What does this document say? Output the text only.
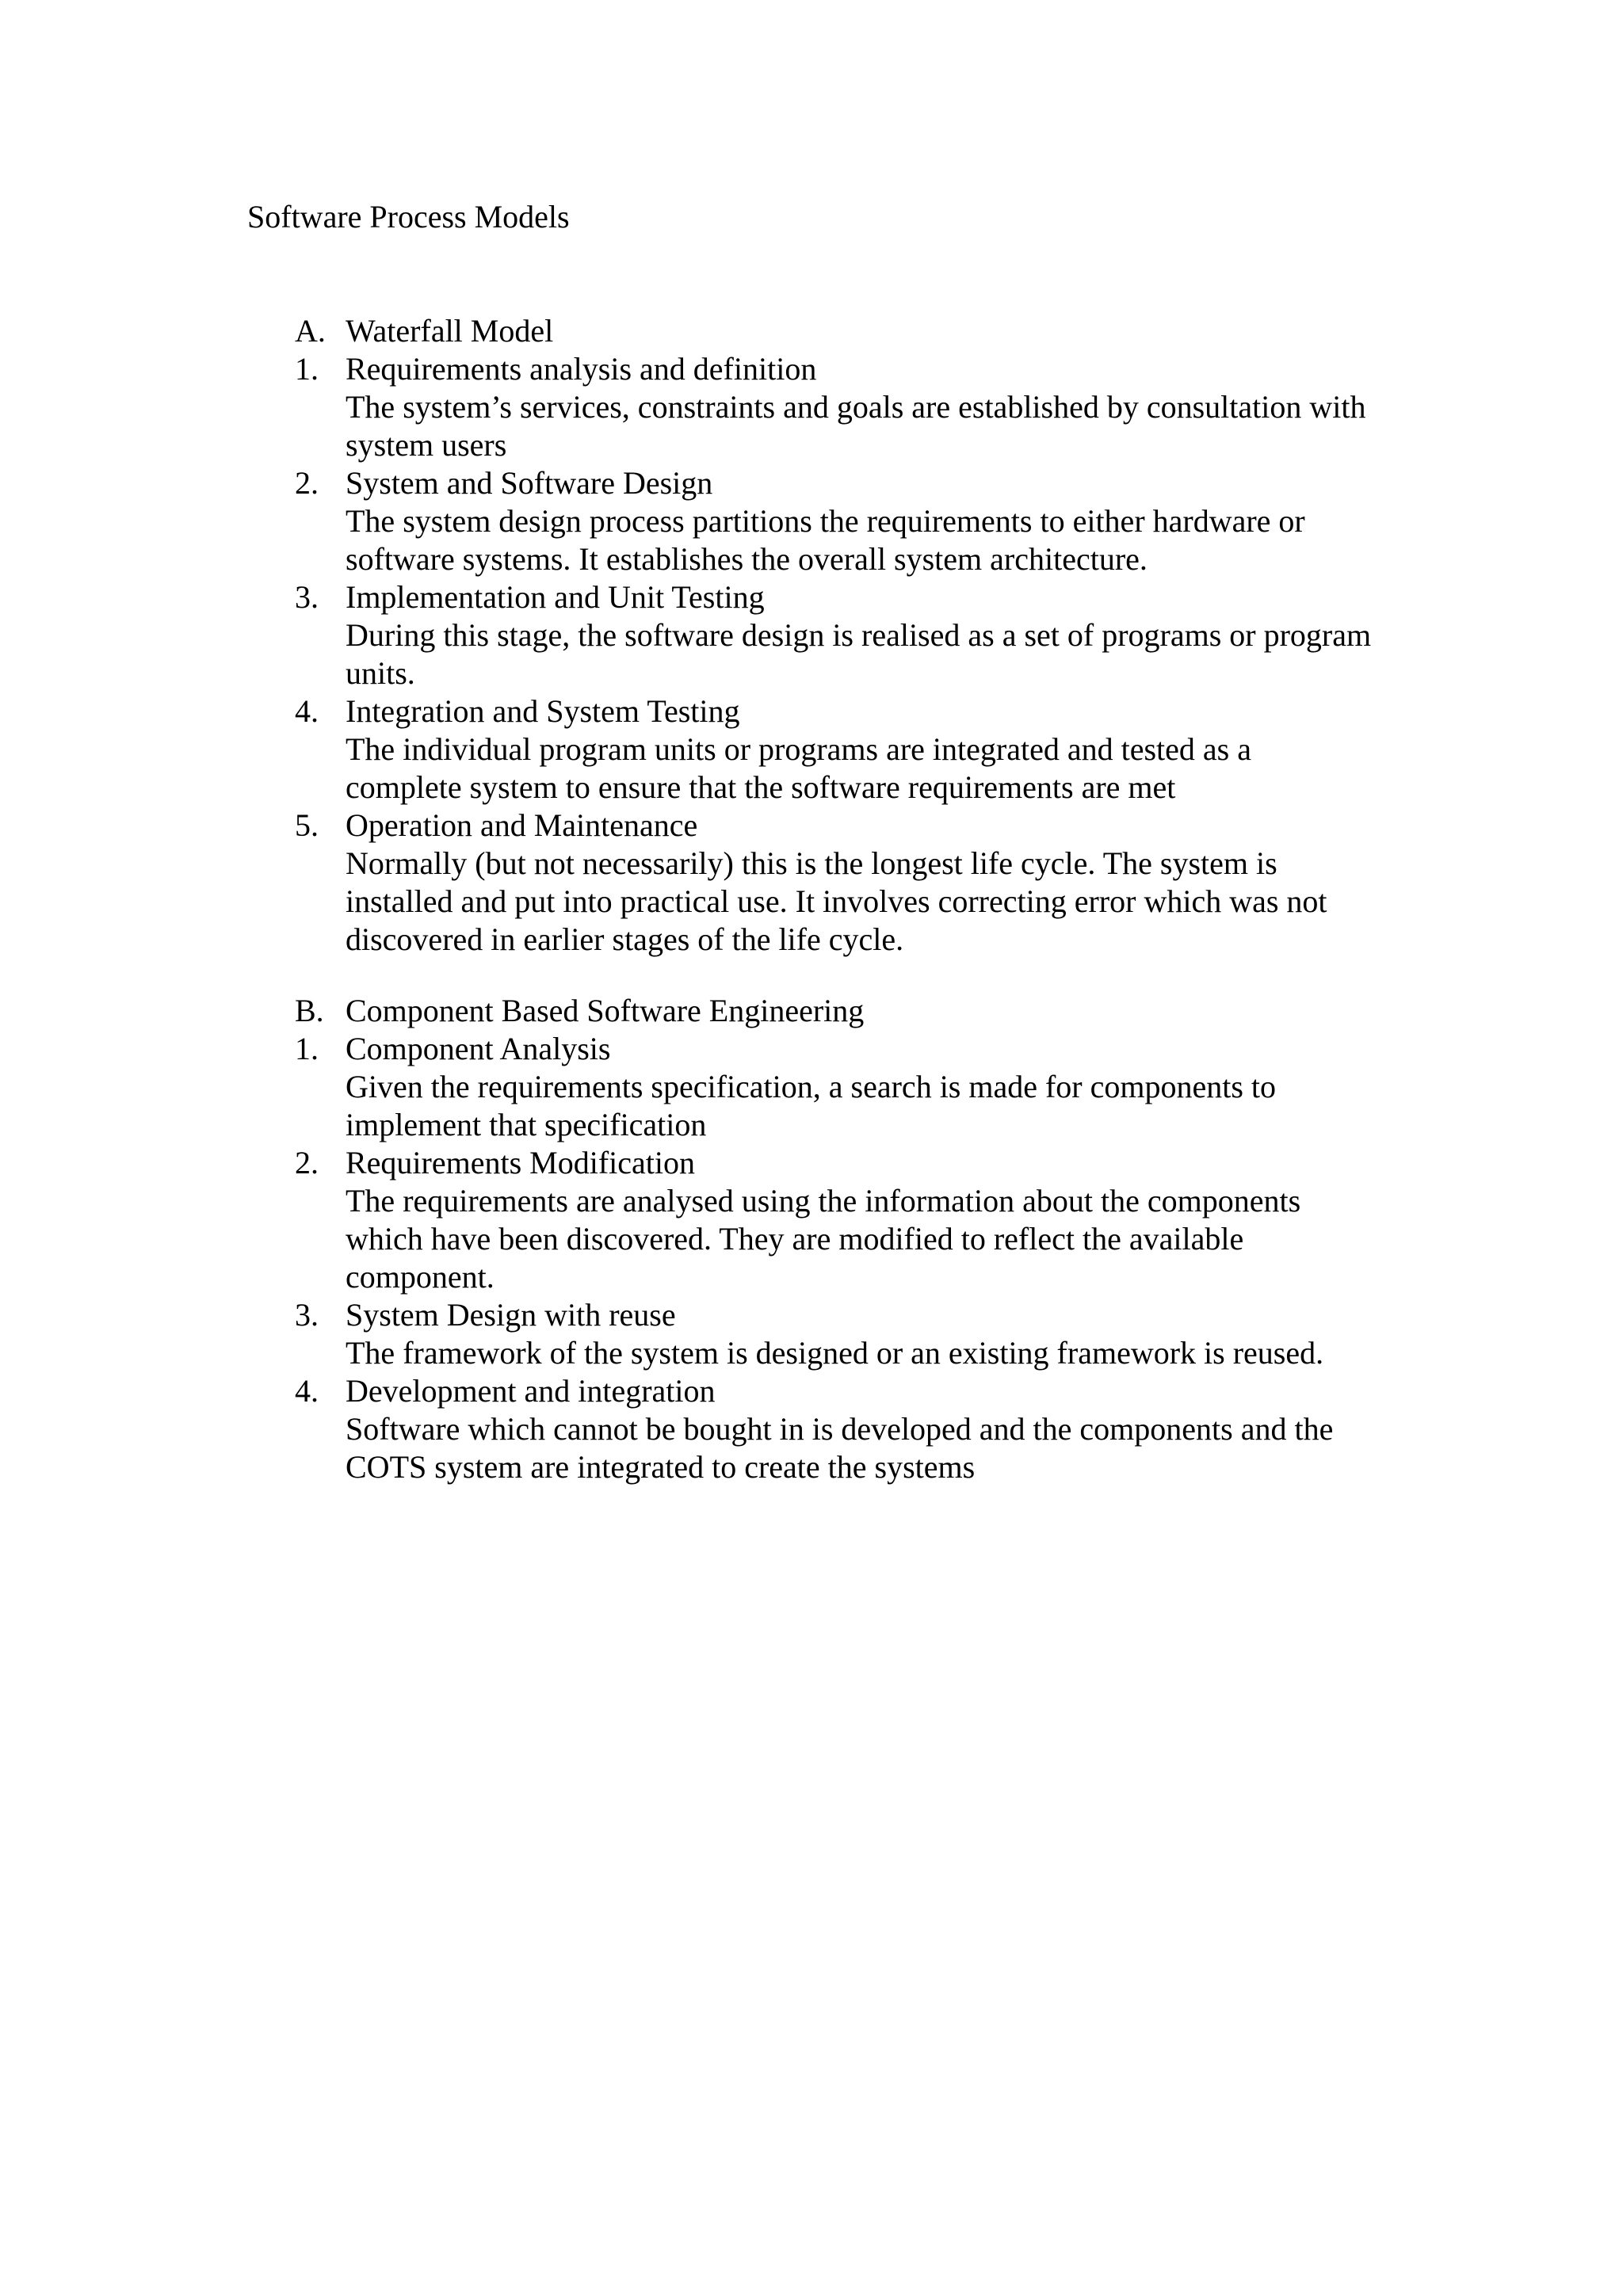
Software Process Models
A. Waterfall Model
1. Requirements analysis and definition
The system’s services, constraints and goals are established by consultation with system users
2. System and Software Design
The system design process partitions the requirements to either hardware or software systems. It establishes the overall system architecture.
3. Implementation and Unit Testing
During this stage, the software design is realised as a set of programs or program units.
4. Integration and System Testing
The individual program units or programs are integrated and tested as a complete system to ensure that the software requirements are met
5. Operation and Maintenance
Normally (but not necessarily) this is the longest life cycle. The system is installed and put into practical use. It involves correcting error which was not discovered in earlier stages of the life cycle.
B. Component Based Software Engineering
1. Component Analysis
Given the requirements specification, a search is made for components to implement that specification
2. Requirements Modification
The requirements are analysed using the information about the components which have been discovered. They are modified to reflect the available component.
3. System Design with reuse
The framework of the system is designed or an existing framework is reused.
4. Development and integration
Software which cannot be bought in is developed and the components and the COTS system are integrated to create the systems
